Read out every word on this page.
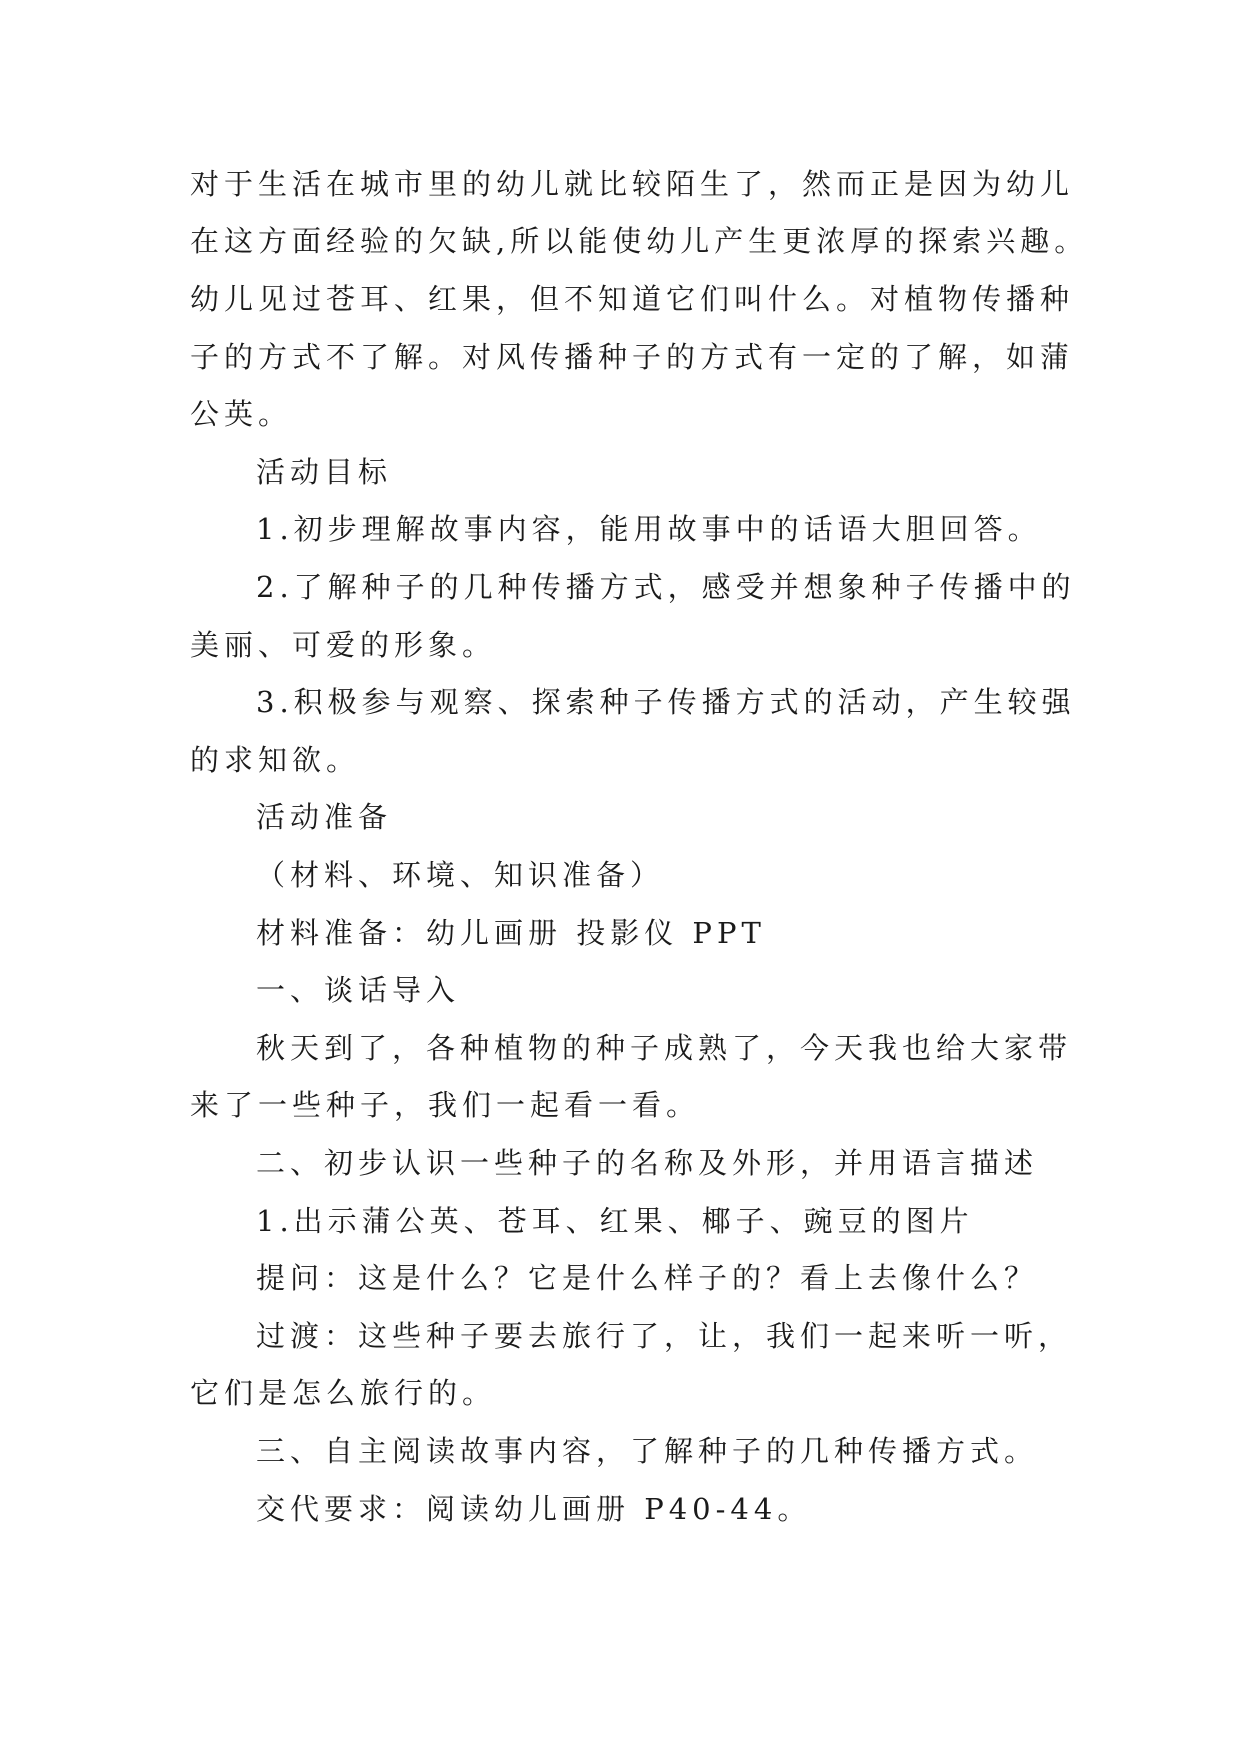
对于生活在城市里的幼儿就比较陌生了，然而正是因为幼儿
在这方面经验的欠缺,所以能使幼儿产生更浓厚的探索兴趣。
幼儿见过苍耳、红果，但不知道它们叫什么。对植物传播种
子的方式不了解。对风传播种子的方式有一定的了解，如蒲
公英。
活动目标
1.初步理解故事内容，能用故事中的话语大胆回答。
2.了解种子的几种传播方式，感受并想象种子传播中的
美丽、可爱的形象。
3.积极参与观察、探索种子传播方式的活动，产生较强
的求知欲。
活动准备
（材料、环境、知识准备）
材料准备：幼儿画册 投影仪 PPT
一、谈话导入
秋天到了，各种植物的种子成熟了，今天我也给大家带
来了一些种子，我们一起看一看。
二、初步认识一些种子的名称及外形，并用语言描述
1.出示蒲公英、苍耳、红果、椰子、豌豆的图片
提问：这是什么？它是什么样子的？看上去像什么？
过渡：这些种子要去旅行了，让，我们一起来听一听，
它们是怎么旅行的。
三、自主阅读故事内容，了解种子的几种传播方式。
交代要求：阅读幼儿画册 P40-44。
